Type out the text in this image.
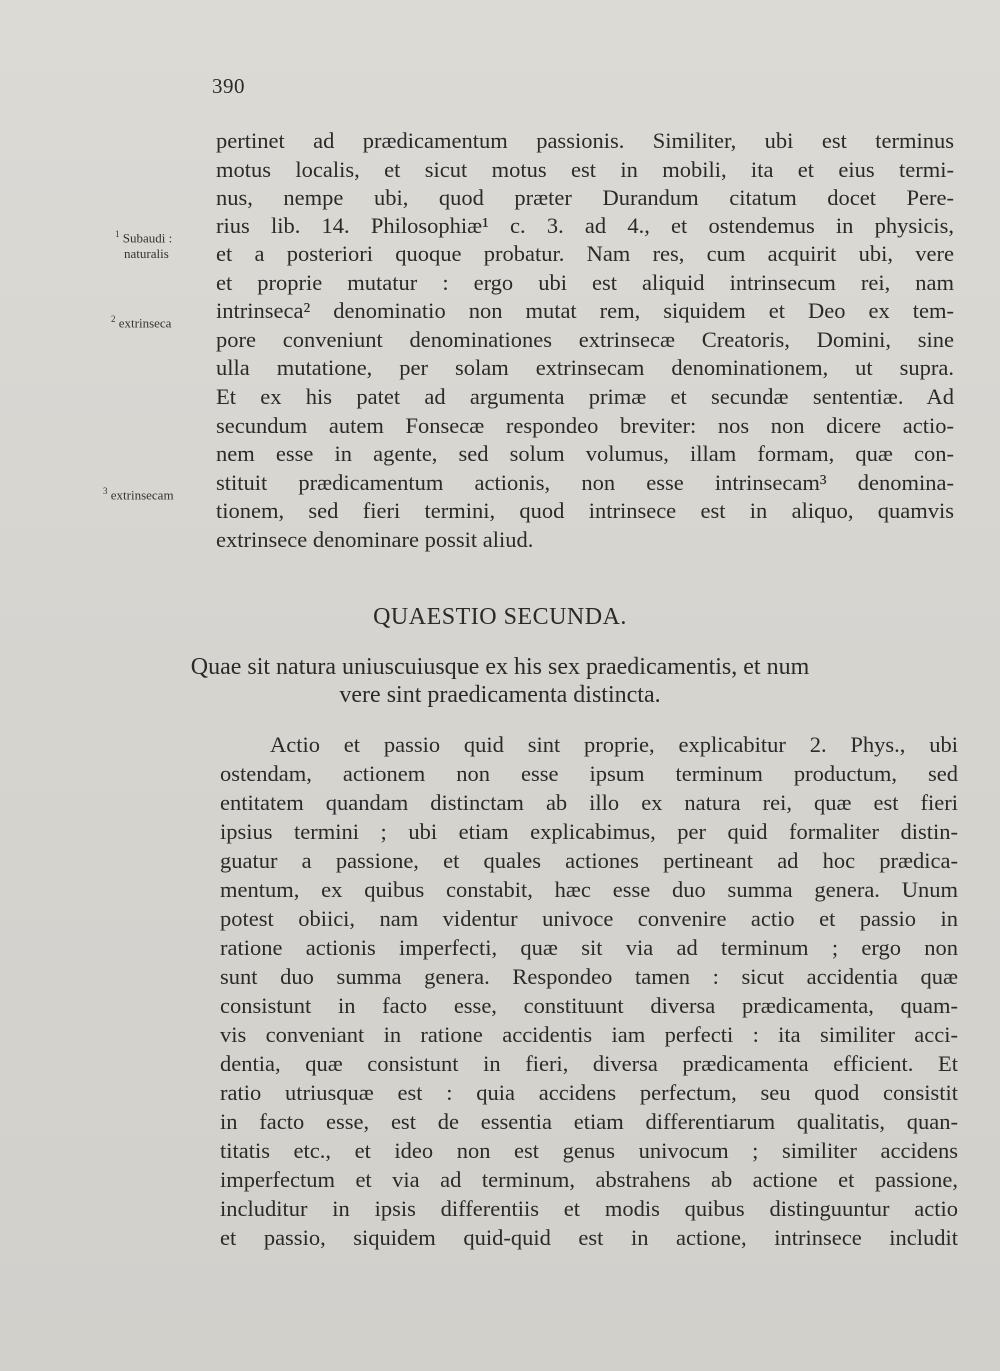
390
$^1$ Subaudi :
naturalis
$^2$ extrinseca
$^3$ extrinsecam
pertinet ad prædicamentum passionis. Similiter, ubi est terminus
motus localis, et sicut motus est in mobili, ita et eius termi-
nus, nempe ubi, quod præter Durandum citatum docet Pere-
rius lib. 14. Philosophiæ¹ c. 3. ad 4., et ostendemus in physicis,
et a posteriori quoque probatur. Nam res, cum acquirit ubi, vere
et proprie mutatur : ergo ubi est aliquid intrinsecum rei, nam
intrinseca² denominatio non mutat rem, siquidem et Deo ex tem-
pore conveniunt denominationes extrinsecæ Creatoris, Domini, sine
ulla mutatione, per solam extrinsecam denominationem, ut supra.
Et ex his patet ad argumenta primæ et secundæ sententiæ. Ad
secundum autem Fonsecæ respondeo breviter: nos non dicere actio-
nem esse in agente, sed solum volumus, illam formam, quæ con-
stituit prædicamentum actionis, non esse intrinsecam³ denomina-
tionem, sed fieri termini, quod intrinsece est in aliquo, quamvis
extrinsece denominare possit aliud.
QUAESTIO SECUNDA.
Quae sit natura uniuscuiusque ex his sex praedicamentis, et num
vere sint praedicamenta distincta.
Actio et passio quid sint proprie, explicabitur 2. Phys., ubi
ostendam, actionem non esse ipsum terminum productum, sed
entitatem quandam distinctam ab illo ex natura rei, quæ est fieri
ipsius termini ; ubi etiam explicabimus, per quid formaliter distin-
guatur a passione, et quales actiones pertineant ad hoc prædica-
mentum, ex quibus constabit, hæc esse duo summa genera. Unum
potest obiici, nam videntur univoce convenire actio et passio in
ratione actionis imperfecti, quæ sit via ad terminum ; ergo non
sunt duo summa genera. Respondeo tamen : sicut accidentia quæ
consistunt in facto esse, constituunt diversa prædicamenta, quam-
vis conveniant in ratione accidentis iam perfecti : ita similiter acci-
dentia, quæ consistunt in fieri, diversa prædicamenta efficient. Et
ratio utriusquæ est : quia accidens perfectum, seu quod consistit
in facto esse, est de essentia etiam differentiarum qualitatis, quan-
titatis etc., et ideo non est genus univocum ; similiter accidens
imperfectum et via ad terminum, abstrahens ab actione et passione,
includitur in ipsis differentiis et modis quibus distinguuntur actio
et passio, siquidem quid-quid est in actione, intrinsece includit
